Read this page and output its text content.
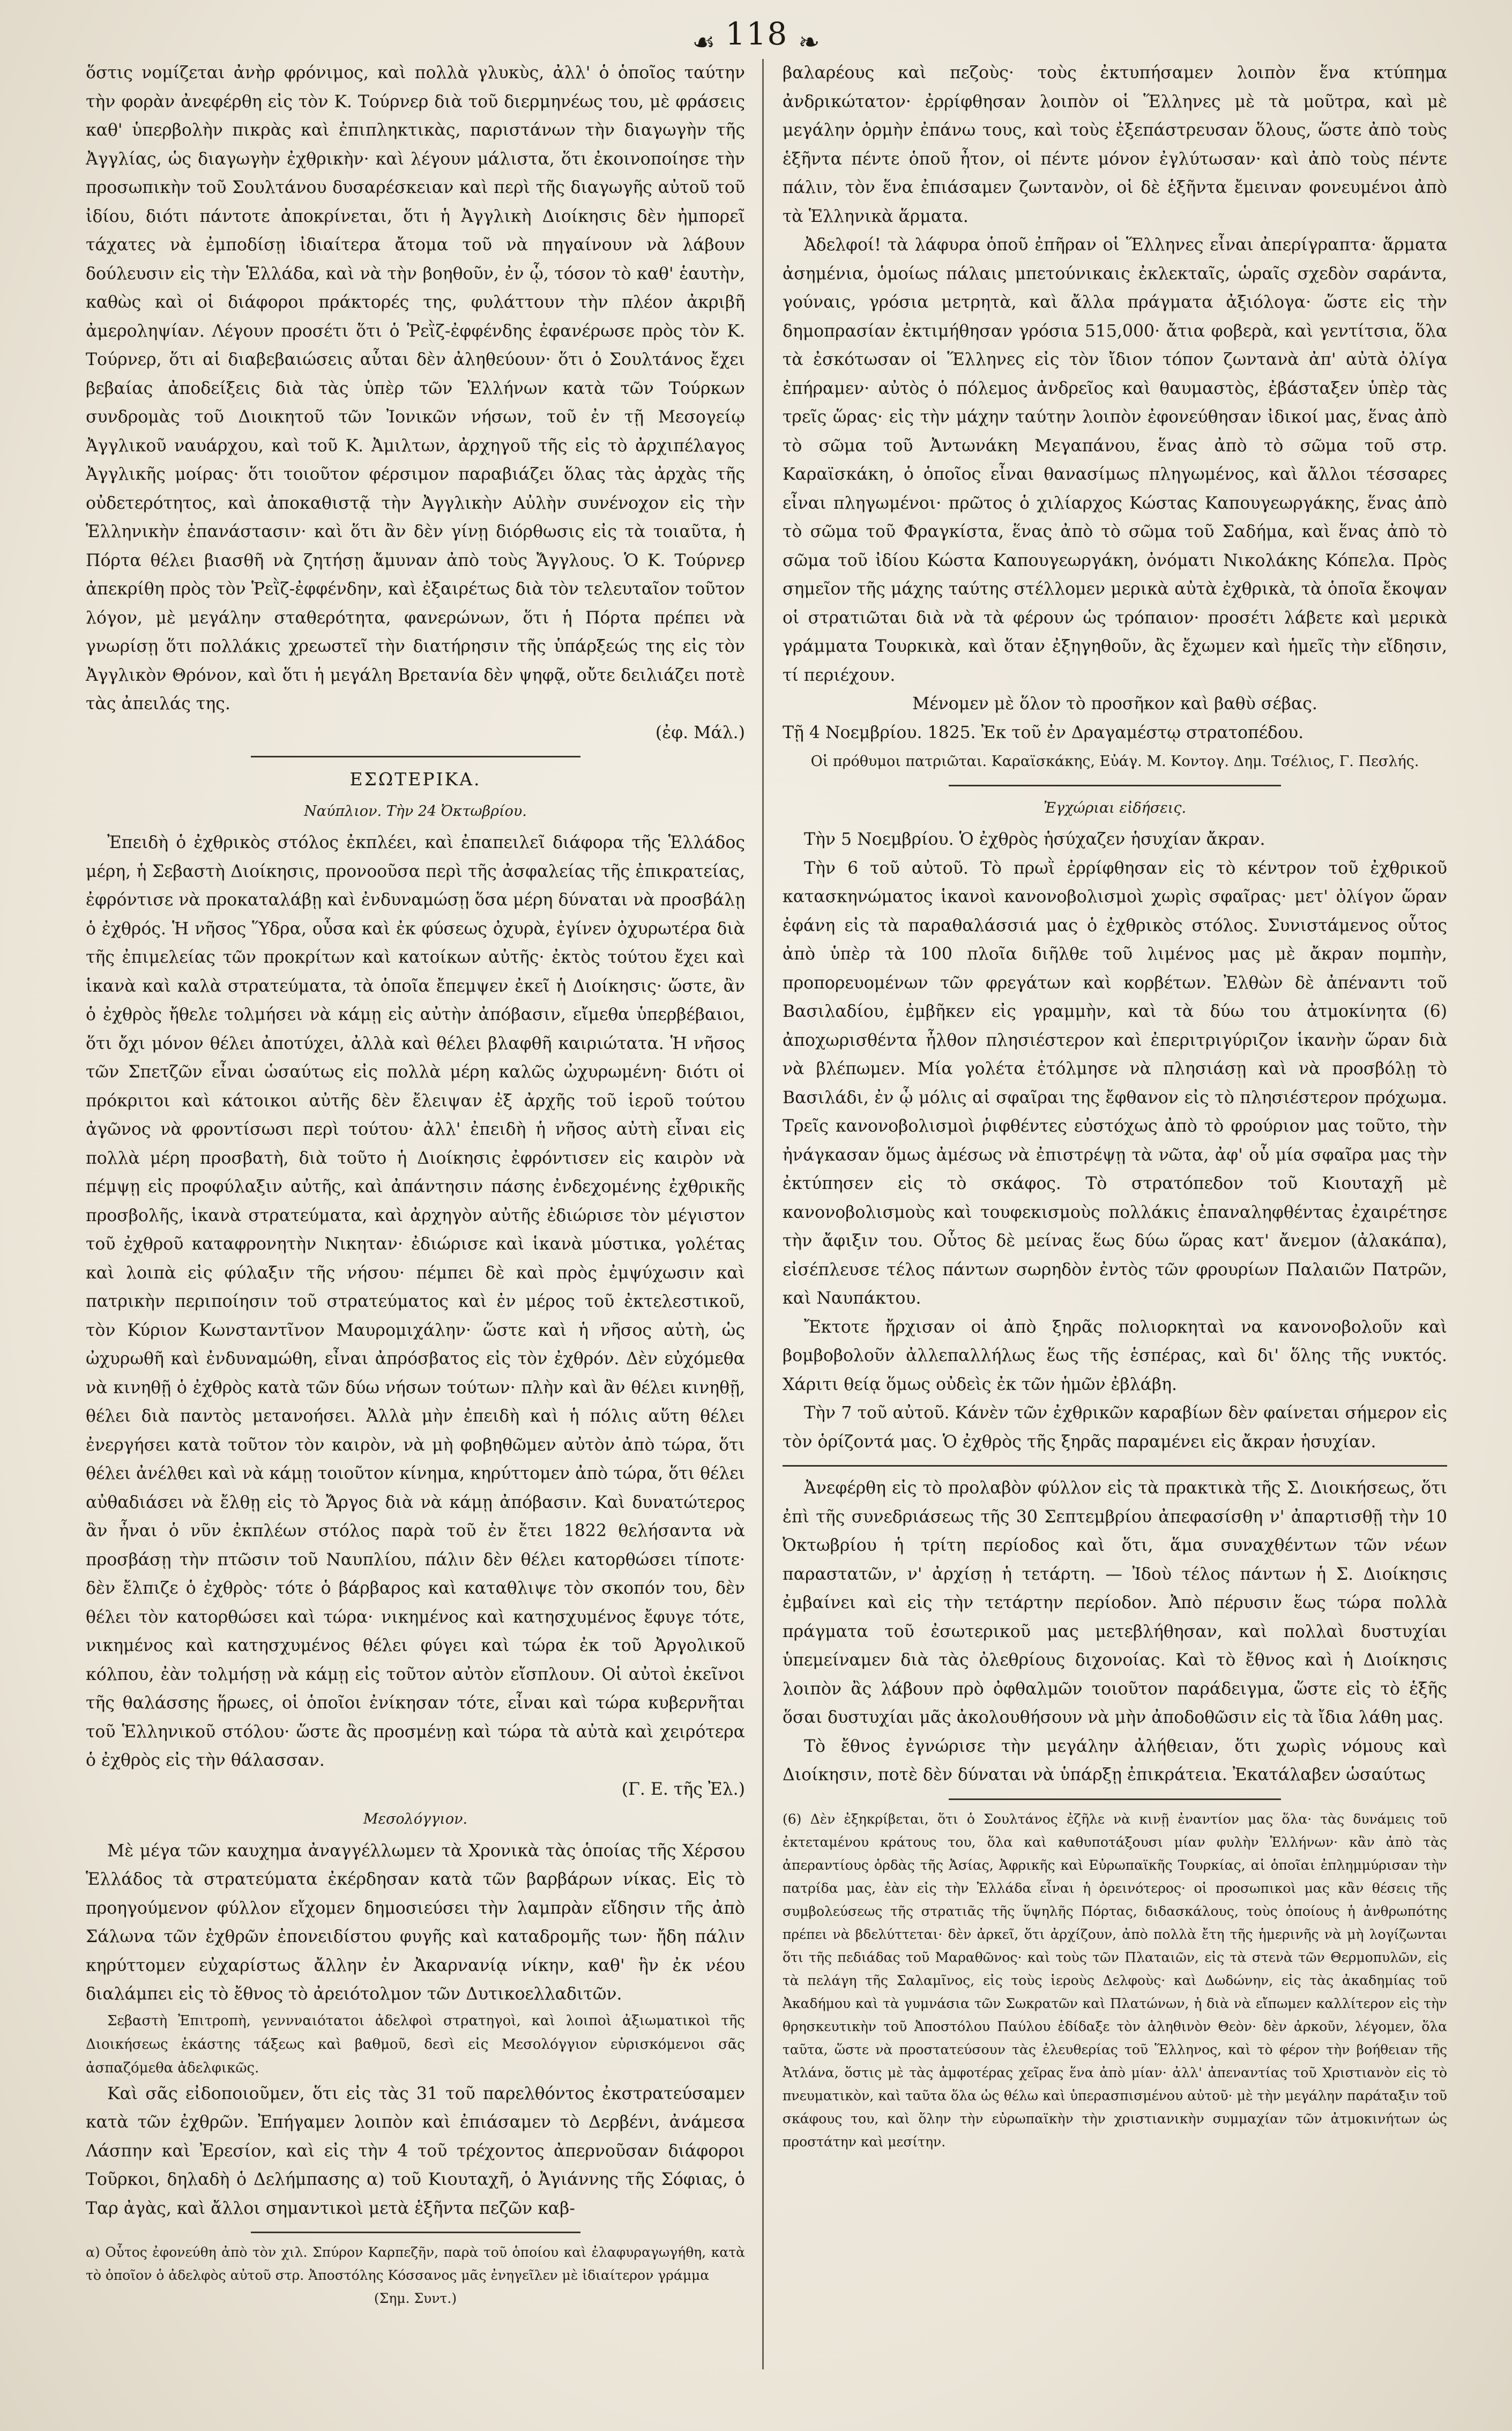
☙ 118 ❧

ὅστις νομίζεται ἀνὴρ φρόνιμος, καὶ πολλὰ γλυκὺς, ἀλλ' ὁ ὁποῖος ταύτην τὴν φορὰν ἀνεφέρθη εἰς τὸν Κ. Τούρνερ διὰ τοῦ διερμηνέως του, μὲ φράσεις καθ' ὑπερβολὴν πικρὰς καὶ ἐπιπληκτικὰς, παριστάνων τὴν διαγωγὴν τῆς Ἀγγλίας, ὡς διαγωγὴν ἐχθρικὴν· καὶ λέγουν μάλιστα, ὅτι ἐκοινοποίησε τὴν προσωπικὴν τοῦ Σουλτάνου δυσαρέσκειαν καὶ περὶ τῆς διαγωγῆς αὐτοῦ τοῦ ἰδίου, διότι πάντοτε ἀποκρίνεται, ὅτι ἡ Ἀγγλικὴ Διοίκησις δὲν ἠμπορεῖ τάχατες νὰ ἐμποδίσῃ ἰδιαίτερα ἄτομα τοῦ νὰ πηγαίνουν νὰ λάβουν δούλευσιν εἰς τὴν Ἑλλάδα, καὶ νὰ τὴν βοηθοῦν, ἐν ᾧ, τόσον τὸ καθ' ἑαυτὴν, καθὼς καὶ οἱ διάφοροι πράκτορές της, φυλάττουν τὴν πλέον ἀκριβῆ ἀμεροληψίαν. Λέγουν προσέτι ὅτι ὁ Ῥεῒζ-ἐφφένδης ἐφανέρωσε πρὸς τὸν Κ. Τούρνερ, ὅτι αἱ διαβεβαιώσεις αὗται δὲν ἀληθεύουν· ὅτι ὁ Σουλτάνος ἔχει βεβαίας ἀποδείξεις διὰ τὰς ὑπὲρ τῶν Ἑλλήνων κατὰ τῶν Τούρκων συνδρομὰς τοῦ Διοικητοῦ τῶν Ἰονικῶν νήσων, τοῦ ἐν τῇ Μεσογείῳ Ἀγγλικοῦ ναυάρχου, καὶ τοῦ Κ. Ἀμιλτων, ἀρχηγοῦ τῆς εἰς τὸ ἀρχιπέλαγος Ἀγγλικῆς μοίρας· ὅτι τοιοῦτον φέρσιμον παραβιάζει ὅλας τὰς ἀρχὰς τῆς οὐδετερότητος, καὶ ἀποκαθιστᾷ τὴν Ἀγγλικὴν Αὐλὴν συνένοχον εἰς τὴν Ἑλληνικὴν ἐπανάστασιν· καὶ ὅτι ἂν δὲν γίνῃ διόρθωσις εἰς τὰ τοιαῦτα, ἡ Πόρτα θέλει βιασθῆ νὰ ζητήσῃ ἄμυναν ἀπὸ τοὺς Ἄγγλους. Ὁ Κ. Τούρνερ ἀπεκρίθη πρὸς τὸν Ῥεῒζ-ἐφφένδην, καὶ ἐξαιρέτως διὰ τὸν τελευταῖον τοῦτον λόγον, μὲ μεγάλην σταθερότητα, φανερώνων, ὅτι ἡ Πόρτα πρέπει νὰ γνωρίσῃ ὅτι πολλάκις χρεωστεῖ τὴν διατήρησιν τῆς ὑπάρξεώς της εἰς τὸν Ἀγγλικὸν Θρόνον, καὶ ὅτι ἡ μεγάλη Βρετανία δὲν ψηφᾷ, οὔτε δειλιάζει ποτὲ τὰς ἀπειλάς της.

(ἐφ. Μάλ.)

ΕΣΩΤΕΡΙΚΑ.
Ναύπλιον. Τὴν 24 Ὀκτωβρίου.

Ἐπειδὴ ὁ ἐχθρικὸς στόλος ἐκπλέει, καὶ ἐπαπειλεῖ διάφορα τῆς Ἑλλάδος μέρη, ἡ Σεβαστὴ Διοίκησις, προνοοῦσα περὶ τῆς ἀσφαλείας τῆς ἐπικρατείας, ἐφρόντισε νὰ προκαταλάβῃ καὶ ἐνδυναμώσῃ ὅσα μέρη δύναται νὰ προσβάλῃ ὁ ἐχθρός. Ἡ νῆσος Ὕδρα, οὖσα καὶ ἐκ φύσεως ὀχυρὰ, ἐγίνεν ὀχυρωτέρα διὰ τῆς ἐπιμελείας τῶν προκρίτων καὶ κατοίκων αὐτῆς· ἐκτὸς τούτου ἔχει καὶ ἱκανὰ καὶ καλὰ στρατεύματα, τὰ ὁποῖα ἔπεμψεν ἐκεῖ ἡ Διοίκησις· ὥστε, ἂν ὁ ἐχθρὸς ἤθελε τολμήσει νὰ κάμῃ εἰς αὐτὴν ἀπόβασιν, εἴμεθα ὑπερβέβαιοι, ὅτι ὄχι μόνον θέλει ἀποτύχει, ἀλλὰ καὶ θέλει βλαφθῆ καιριώτατα. Ἡ νῆσος τῶν Σπετζῶν εἶναι ὡσαύτως εἰς πολλὰ μέρη καλῶς ὠχυρωμένη· διότι οἱ πρόκριτοι καὶ κάτοικοι αὐτῆς δὲν ἔλειψαν ἐξ ἀρχῆς τοῦ ἱεροῦ τούτου ἀγῶνος νὰ φροντίσωσι περὶ τούτου· ἀλλ' ἐπειδὴ ἡ νῆσος αὐτὴ εἶναι εἰς πολλὰ μέρη προσβατὴ, διὰ τοῦτο ἡ Διοίκησις ἐφρόντισεν εἰς καιρὸν νὰ πέμψῃ εἰς προφύλαξιν αὐτῆς, καὶ ἀπάντησιν πάσης ἐνδεχομένης ἐχθρικῆς προσβολῆς, ἱκανὰ στρατεύματα, καὶ ἀρχηγὸν αὐτῆς ἐδιώρισε τὸν μέγιστον τοῦ ἐχθροῦ καταφρονητὴν Νικηταν· ἐδιώρισε καὶ ἱκανὰ μύστικα, γολέτας καὶ λοιπὰ εἰς φύλαξιν τῆς νήσου· πέμπει δὲ καὶ πρὸς ἐμψύχωσιν καὶ πατρικὴν περιποίησιν τοῦ στρατεύματος καὶ ἐν μέρος τοῦ ἐκτελεστικοῦ, τὸν Κύριον Κωνσταντῖνον Μαυρομιχάλην· ὥστε καὶ ἡ νῆσος αὐτὴ, ὡς ὠχυρωθῆ καὶ ἐνδυναμώθη, εἶναι ἀπρόσβατος εἰς τὸν ἐχθρόν. Δὲν εὐχόμεθα νὰ κινηθῇ ὁ ἐχθρὸς κατὰ τῶν δύω νήσων τούτων· πλὴν καὶ ἂν θέλει κινηθῇ, θέλει διὰ παντὸς μετανοήσει. Ἀλλὰ μὴν ἐπειδὴ καὶ ἡ πόλις αὕτη θέλει ἐνεργήσει κατὰ τοῦτον τὸν καιρὸν, νὰ μὴ φοβηθῶμεν αὐτὸν ἀπὸ τώρα, ὅτι θέλει ἀνέλθει καὶ νὰ κάμῃ τοιοῦτον κίνημα, κηρύττομεν ἀπὸ τώρα, ὅτι θέλει αὐθαδιάσει νὰ ἔλθῃ εἰς τὸ Ἄργος διὰ νὰ κάμῃ ἀπόβασιν. Καὶ δυνατώτερος ἂν ἦναι ὁ νῦν ἐκπλέων στόλος παρὰ τοῦ ἐν ἔτει 1822 θελήσαντα νὰ προσβάσῃ τὴν πτῶσιν τοῦ Ναυπλίου, πάλιν δὲν θέλει κατορθώσει τίποτε· δὲν ἔλπιζε ὁ ἐχθρὸς· τότε ὁ βάρβαρος καὶ καταθλιψε τὸν σκοπόν του, δὲν θέλει τὸν κατορθώσει καὶ τώρα· νικημένος καὶ κατησχυμένος ἔφυγε τότε, νικημένος καὶ κατησχυμένος θέλει φύγει καὶ τώρα ἐκ τοῦ Ἀργολικοῦ κόλπου, ἐὰν τολμήσῃ νὰ κάμῃ εἰς τοῦτον αὐτὸν εἴσπλουν. Οἱ αὐτοὶ ἐκεῖνοι τῆς θαλάσσης ἥρωες, οἱ ὁποῖοι ἐνίκησαν τότε, εἶναι καὶ τώρα κυβερνῆται τοῦ Ἑλληνικοῦ στόλου· ὥστε ἂς προσμένῃ καὶ τώρα τὰ αὐτὰ καὶ χειρότερα ὁ ἐχθρὸς εἰς τὴν θάλασσαν.

(Γ. Ε. τῆς Ἐλ.)

Μεσολόγγιον.

Μὲ μέγα τῶν καυχημα ἀναγγέλλωμεν τὰ Χρονικὰ τὰς ὁποίας τῆς Χέρσου Ἑλλάδος τὰ στρατεύματα ἐκέρδησαν κατὰ τῶν βαρβάρων νίκας. Εἰς τὸ προηγούμενον φύλλον εἴχομεν δημοσιεύσει τὴν λαμπρὰν εἴδησιν τῆς ἀπὸ Σάλωνα τῶν ἐχθρῶν ἐπονειδίστου φυγῆς καὶ καταδρομῆς των· ἤδη πάλιν κηρύττομεν εὐχαρίστως ἄλλην ἐν Ἀκαρνανίᾳ νίκην, καθ' ἣν ἐκ νέου διαλάμπει εἰς τὸ ἔθνος τὸ ἀρειότολμον τῶν Δυτικοελλαδιτῶν.

Σεβαστὴ Ἐπιτροπὴ, γεννναιότατοι ἀδελφοὶ στρατηγοὶ, καὶ λοιποὶ ἀξιωματικοὶ τῆς Διοικήσεως ἑκάστης τάξεως καὶ βαθμοῦ, δεσὶ εἰς Μεσολόγγιον εὑρισκόμενοι σᾶς ἀσπαζόμεθα ἀδελφικῶς.

Καὶ σᾶς εἰδοποιοῦμεν, ὅτι εἰς τὰς 31 τοῦ παρελθόντος ἐκστρατεύσαμεν κατὰ τῶν ἐχθρῶν. Ἐπήγαμεν λοιπὸν καὶ ἐπιάσαμεν τὸ Δερβένι, ἀνάμεσα Λάσπην καὶ Ἐρεσίον, καὶ εἰς τὴν 4 τοῦ τρέχοντος ἀπερνοῦσαν διάφοροι Τοῦρκοι, δηλαδὴ ὁ Δελήμπασης α) τοῦ Κιουταχῆ, ὁ Ἀγιάννης τῆς Σόφιας, ὁ Ταρ ἀγὰς, καὶ ἄλλοι σημαντικοὶ μετὰ ἑξῆντα πεζῶν καβ-

α) Οὗτος ἐφονεύθη ἀπὸ τὸν χιλ. Σπύρον Καρπεζῆν, παρὰ τοῦ ὁποίου καὶ ἐλαφυραγωγήθη, κατὰ τὸ ὁποῖον ὁ ἀδελφὸς αὐτοῦ στρ. Ἀποστόλης Κόσσανος μᾶς ἐνηγεῖλεν μὲ ἰδιαίτερον γράμμα

(Σημ. Συντ.)

βαλαρέους καὶ πεζοὺς· τοὺς ἐκτυπήσαμεν λοιπὸν ἕνα κτύπημα ἀνδρικώτατον· ἐρρίφθησαν λοιπὸν οἱ Ἕλληνες μὲ τὰ μοῦτρα, καὶ μὲ μεγάλην ὁρμὴν ἐπάνω τους, καὶ τοὺς ἐξεπάστρευσαν ὅλους, ὥστε ἀπὸ τοὺς ἑξῆντα πέντε ὁποῦ ἦτον, οἱ πέντε μόνον ἐγλύτωσαν· καὶ ἀπὸ τοὺς πέντε πάλιν, τὸν ἕνα ἐπιάσαμεν ζωντανὸν, οἱ δὲ ἑξῆντα ἔμειναν φονευμένοι ἀπὸ τὰ Ἑλληνικὰ ἅρματα.

Ἀδελφοί! τὰ λάφυρα ὁποῦ ἐπῆραν οἱ Ἕλληνες εἶναι ἀπερίγραπτα· ἅρματα ἀσημένια, ὁμοίως πάλαις μπετούνικαις ἐκλεκταῖς, ὡραῖς σχεδὸν σαράντα, γούναις, γρόσια μετρητὰ, καὶ ἄλλα πράγματα ἀξιόλογα· ὥστε εἰς τὴν δημοπρασίαν ἐκτιμήθησαν γρόσια 515,000· ἄτια φοβερὰ, καὶ γεντίτσια, ὅλα τὰ ἐσκότωσαν οἱ Ἕλληνες εἰς τὸν ἴδιον τόπον ζωντανὰ ἀπ' αὐτὰ ὀλίγα ἐπήραμεν· αὐτὸς ὁ πόλεμος ἀνδρεῖος καὶ θαυμαστὸς, ἐβάσταξεν ὑπὲρ τὰς τρεῖς ὥρας· εἰς τὴν μάχην ταύτην λοιπὸν ἐφονεύθησαν ἰδικοί μας, ἕνας ἀπὸ τὸ σῶμα τοῦ Ἀντωνάκη Μεγαπάνου, ἕνας ἀπὸ τὸ σῶμα τοῦ στρ. Καραϊσκάκη, ὁ ὁποῖος εἶναι θανασίμως πληγωμένος, καὶ ἄλλοι τέσσαρες εἶναι πληγωμένοι· πρῶτος ὁ χιλίαρχος Κώστας Καπουγεωργάκης, ἕνας ἀπὸ τὸ σῶμα τοῦ Φραγκίστα, ἕνας ἀπὸ τὸ σῶμα τοῦ Σαδήμα, καὶ ἕνας ἀπὸ τὸ σῶμα τοῦ ἰδίου Κώστα Καπουγεωργάκη, ὀνόματι Νικολάκης Κόπελα. Πρὸς σημεῖον τῆς μάχης ταύτης στέλλομεν μερικὰ αὐτὰ ἐχθρικὰ, τὰ ὁποῖα ἔκοψαν οἱ στρατιῶται διὰ νὰ τὰ φέρουν ὡς τρόπαιον· προσέτι λάβετε καὶ μερικὰ γράμματα Τουρκικὰ, καὶ ὅταν ἐξηγηθοῦν, ἂς ἔχωμεν καὶ ἡμεῖς τὴν εἴδησιν, τί περιέχουν.

Μένομεν μὲ ὅλον τὸ προσῆκον καὶ βαθὺ σέβας.

Τῇ 4 Νοεμβρίου. 1825. Ἐκ τοῦ ἐν Δραγαμέστῳ στρατοπέδου.

Οἱ πρόθυμοι πατριῶται. Καραϊσκάκης, Εὐάγ. Μ. Κοντογ. Δημ. Τσέλιος, Γ. Πεσλής.

Ἐγχώριαι εἰδήσεις.

Τὴν 5 Νοεμβρίου. Ὁ ἐχθρὸς ἡσύχαζεν ἡσυχίαν ἄκραν.

Τὴν 6 τοῦ αὐτοῦ. Τὸ πρωῒ ἐρρίφθησαν εἰς τὸ κέντρον τοῦ ἐχθρικοῦ κατασκηνώματος ἱκανοὶ κανονοβολισμοὶ χωρὶς σφαῖρας· μετ' ὀλίγον ὥραν ἐφάνη εἰς τὰ παραθαλάσσιά μας ὁ ἐχθρικὸς στόλος. Συνιστάμενος οὗτος ἀπὸ ὑπὲρ τὰ 100 πλοῖα διῆλθε τοῦ λιμένος μας μὲ ἄκραν πομπὴν, προπορευομένων τῶν φρεγάτων καὶ κορβέτων. Ἐλθὼν δὲ ἀπέναντι τοῦ Βασιλαδίου, ἐμβῆκεν εἰς γραμμὴν, καὶ τὰ δύω του ἀτμοκίνητα (6) ἀποχωρισθέντα ἦλθον πλησιέστερον καὶ ἐπεριτριγύριζον ἱκανὴν ὥραν διὰ νὰ βλέπωμεν. Μία γολέτα ἐτόλμησε νὰ πλησιάσῃ καὶ νὰ προσβόλῃ τὸ Βασιλάδι, ἐν ᾧ μόλις αἱ σφαῖραι της ἔφθανον εἰς τὸ πλησιέστερον πρόχωμα. Τρεῖς κανονοβολισμοὶ ῥιφθέντες εὐστόχως ἀπὸ τὸ φρούριον μας τοῦτο, τὴν ἠνάγκασαν ὅμως ἀμέσως νὰ ἐπιστρέψῃ τὰ νῶτα, ἀφ' οὗ μία σφαῖρα μας τὴν ἐκτύπησεν εἰς τὸ σκάφος. Τὸ στρατόπεδον τοῦ Κιουταχῆ μὲ κανονοβολισμοὺς καὶ τουφεκισμοὺς πολλάκις ἐπαναληφθέντας ἐχαιρέτησε τὴν ἄφιξιν του. Οὗτος δὲ μείνας ἕως δύω ὥρας κατ' ἄνεμον (ἀλακάπα), εἰσέπλευσε τέλος πάντων σωρηδὸν ἐντὸς τῶν φρουρίων Παλαιῶν Πατρῶν, καὶ Ναυπάκτου.

Ἔκτοτε ἤρχισαν οἱ ἀπὸ ξηρᾶς πολιορκηταὶ να κανονοβολοῦν καὶ βομβοβολοῦν ἀλλεπαλλήλως ἕως τῆς ἑσπέρας, καὶ δι' ὅλης τῆς νυκτός. Χάριτι θείᾳ ὅμως οὐδεὶς ἐκ τῶν ἡμῶν ἐβλάβη.

Τὴν 7 τοῦ αὐτοῦ. Κάνὲν τῶν ἐχθρικῶν καραβίων δὲν φαίνεται σήμερον εἰς τὸν ὁρίζοντά μας. Ὁ ἐχθρὸς τῆς ξηρᾶς παραμένει εἰς ἄκραν ἡσυχίαν.

Ἀνεφέρθη εἰς τὸ προλαβὸν φύλλον εἰς τὰ πρακτικὰ τῆς Σ. Διοικήσεως, ὅτι ἐπὶ τῆς συνεδριάσεως τῆς 30 Σεπτεμβρίου ἀπεφασίσθη ν' ἀπαρτισθῇ τὴν 10 Ὀκτωβρίου ἡ τρίτη περίοδος καὶ ὅτι, ἅμα συναχθέντων τῶν νέων παραστατῶν, ν' ἀρχίσῃ ἡ τετάρτη. — Ἰδοὺ τέλος πάντων ἡ Σ. Διοίκησις ἐμβαίνει καὶ εἰς τὴν τετάρτην περίοδον. Ἀπὸ πέρυσιν ἕως τώρα πολλὰ πράγματα τοῦ ἐσωτερικοῦ μας μετεβλήθησαν, καὶ πολλαὶ δυστυχίαι ὑπεμείναμεν διὰ τὰς ὀλεθρίους διχονοίας. Καὶ τὸ ἔθνος καὶ ἡ Διοίκησις λοιπὸν ἂς λάβουν πρὸ ὀφθαλμῶν τοιοῦτον παράδειγμα, ὥστε εἰς τὸ ἑξῆς ὅσαι δυστυχίαι μᾶς ἀκολουθήσουν νὰ μὴν ἀποδοθῶσιν εἰς τὰ ἴδια λάθη μας.

Τὸ ἔθνος ἐγνώρισε τὴν μεγάλην ἀλήθειαν, ὅτι χωρὶς νόμους καὶ Διοίκησιν, ποτὲ δὲν δύναται νὰ ὑπάρξῃ ἐπικράτεια. Ἐκατάλαβεν ὡσαύτως

(6) Δὲν ἐξηκρίβεται, ὅτι ὁ Σουλτάνος ἐζῆλε νὰ κινῇ ἐναντίον μας ὅλα· τὰς δυνάμεις τοῦ ἐκτεταμένου κράτους του, ὅλα καὶ καθυποτάξουσι μίαν φυλὴν Ἑλλήνων· κἂν ἀπὸ τὰς ἀπεραντίους ὁρδὰς τῆς Ἀσίας, Ἀφρικῆς καὶ Εὐρωπαϊκῆς Τουρκίας, αἱ ὁποῖαι ἐπλημμύρισαν τὴν πατρίδα μας, ἐὰν εἰς τὴν Ἑλλάδα εἶναι ἡ ὀρεινότερος· οἱ προσωπικοὶ μας κἂν θέσεις τῆς συμβολεύσεως τῆς στρατιᾶς τῆς ὕψηλῆς Πόρτας, διδασκάλους, τοὺς ὁποίους ἡ ἀνθρωπότης πρέπει νὰ βδελύττεται· δὲν ἀρκεῖ, ὅτι ἀρχίζουν, ἀπὸ πολλὰ ἔτη τῆς ἡμερινῆς νὰ μὴ λογίζωνται ὅτι τῆς πεδιάδας τοῦ Μαραθῶνος· καὶ τοὺς τῶν Πλαταιῶν, εἰς τὰ στενὰ τῶν Θερμοπυλῶν, εἰς τὰ πελάγη τῆς Σαλαμῖνος, εἰς τοὺς ἱεροὺς Δελφοὺς· καὶ Δωδώνην, εἰς τὰς ἀκαδημίας τοῦ Ἀκαδήμου καὶ τὰ γυμνάσια τῶν Σωκρατῶν καὶ Πλατώνων, ἡ διὰ νὰ εἴπωμεν καλλίτερον εἰς τὴν θρησκευτικὴν τοῦ Ἀποστόλου Παύλου ἐδίδαξε τὸν ἀληθινὸν Θεὸν· δὲν ἀρκοῦν, λέγομεν, ὅλα ταῦτα, ὥστε νὰ προστατεύσουν τὰς ἐλευθερίας τοῦ Ἕλληνος, καὶ τὸ φέρον τὴν βοήθειαν τῆς Ἀτλάνα, ὅστις μὲ τὰς ἀμφοτέρας χεῖρας ἕνα ἀπὸ μίαν· ἀλλ' ἀπεναντίας τοῦ Χριστιανὸν εἰς τὸ πνευματικὸν, καὶ ταῦτα ὅλα ὡς θέλω καὶ ὑπερασπισμένου αὐτοῦ· μὲ τὴν μεγάλην παράταξιν τοῦ σκάφους του, καὶ ὅλην τὴν εὐρωπαϊκὴν τὴν χριστιανικὴν συμμαχίαν τῶν ἀτμοκινήτων ὡς προστάτην καὶ μεσίτην.
